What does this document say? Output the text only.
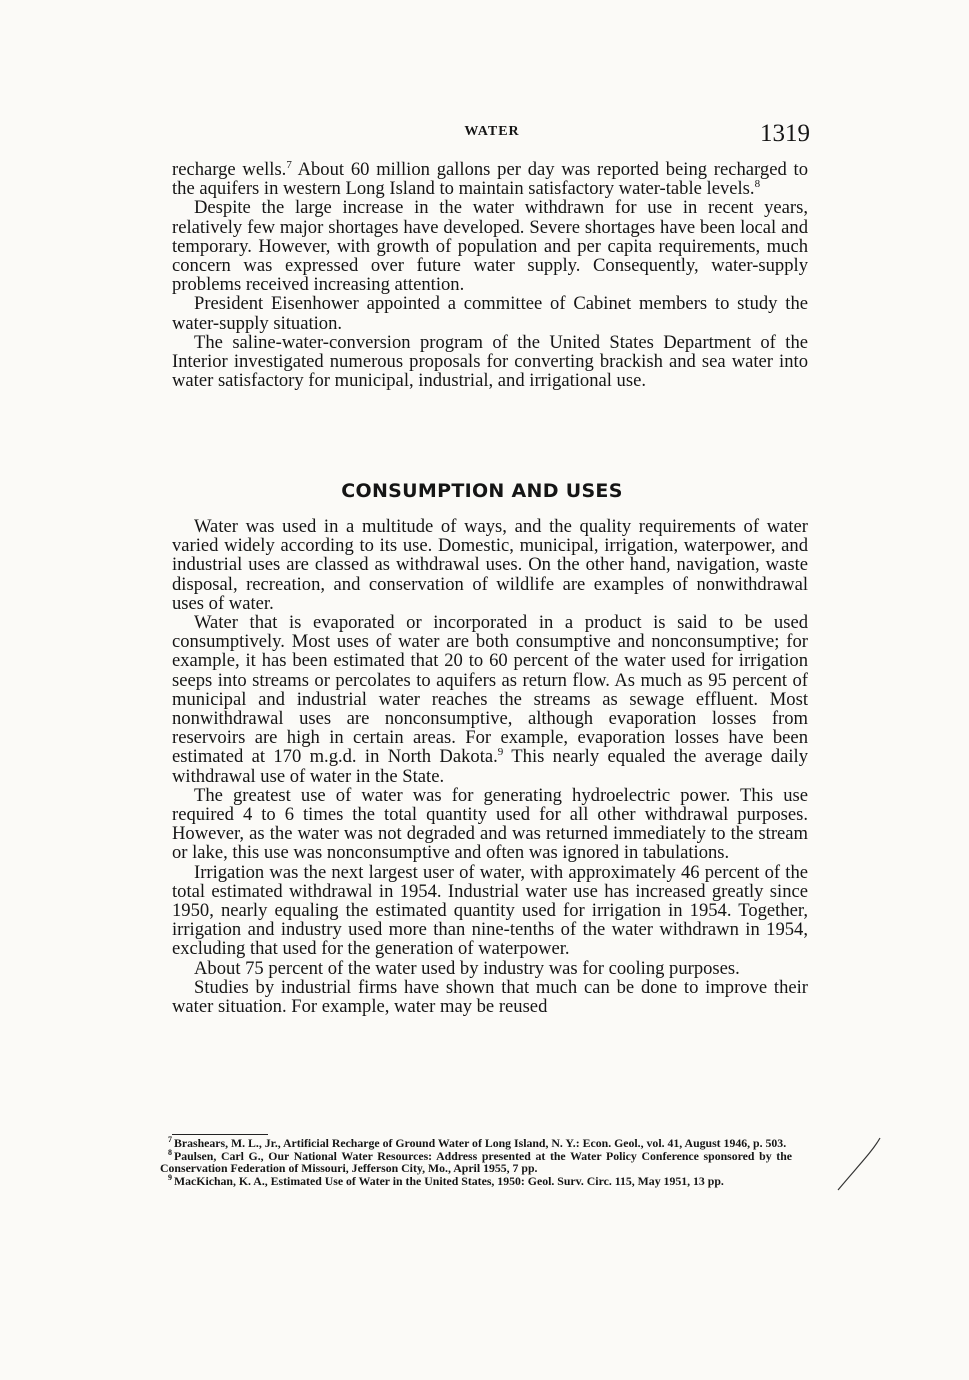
WATER	1319

recharge wells.$^7$ About 60 million gallons per day was reported being recharged to the aquifers in western Long Island to maintain satisfactory water-table levels.$^8$

Despite the large increase in the water withdrawn for use in recent years, relatively few major shortages have developed. Severe shortages have been local and temporary. However, with growth of population and per capita requirements, much concern was expressed over future water supply. Consequently, water-supply problems received increasing attention.

President Eisenhower appointed a committee of Cabinet members to study the water-supply situation.

The saline-water-conversion program of the United States Department of the Interior investigated numerous proposals for converting brackish and sea water into water satisfactory for municipal, industrial, and irrigational use.

CONSUMPTION AND USES

Water was used in a multitude of ways, and the quality requirements of water varied widely according to its use. Domestic, municipal, irrigation, waterpower, and industrial uses are classed as withdrawal uses. On the other hand, navigation, waste disposal, recreation, and conservation of wildlife are examples of nonwithdrawal uses of water.

Water that is evaporated or incorporated in a product is said to be used consumptively. Most uses of water are both consumptive and nonconsumptive; for example, it has been estimated that 20 to 60 percent of the water used for irrigation seeps into streams or percolates to aquifers as return flow. As much as 95 percent of municipal and industrial water reaches the streams as sewage effluent. Most nonwithdrawal uses are nonconsumptive, although evaporation losses from reservoirs are high in certain areas. For example, evaporation losses have been estimated at 170 m.g.d. in North Dakota.$^9$ This nearly equaled the average daily withdrawal use of water in the State.

The greatest use of water was for generating hydroelectric power. This use required 4 to 6 times the total quantity used for all other withdrawal purposes. However, as the water was not degraded and was returned immediately to the stream or lake, this use was nonconsumptive and often was ignored in tabulations.

Irrigation was the next largest user of water, with approximately 46 percent of the total estimated withdrawal in 1954. Industrial water use has increased greatly since 1950, nearly equaling the estimated quantity used for irrigation in 1954. Together, irrigation and industry used more than nine-tenths of the water withdrawn in 1954, excluding that used for the generation of waterpower.

About 75 percent of the water used by industry was for cooling purposes.

Studies by industrial firms have shown that much can be done to improve their water situation. For example, water may be reused

$^7$ Brashears, M. L., Jr., Artificial Recharge of Ground Water of Long Island, N. Y.: Econ. Geol., vol. 41, August 1946, p. 503.

$^8$ Paulsen, Carl G., Our National Water Resources: Address presented at the Water Policy Conference sponsored by the Conservation Federation of Missouri, Jefferson City, Mo., April 1955, 7 pp.

$^9$ MacKichan, K. A., Estimated Use of Water in the United States, 1950: Geol. Surv. Circ. 115, May 1951, 13 pp.
